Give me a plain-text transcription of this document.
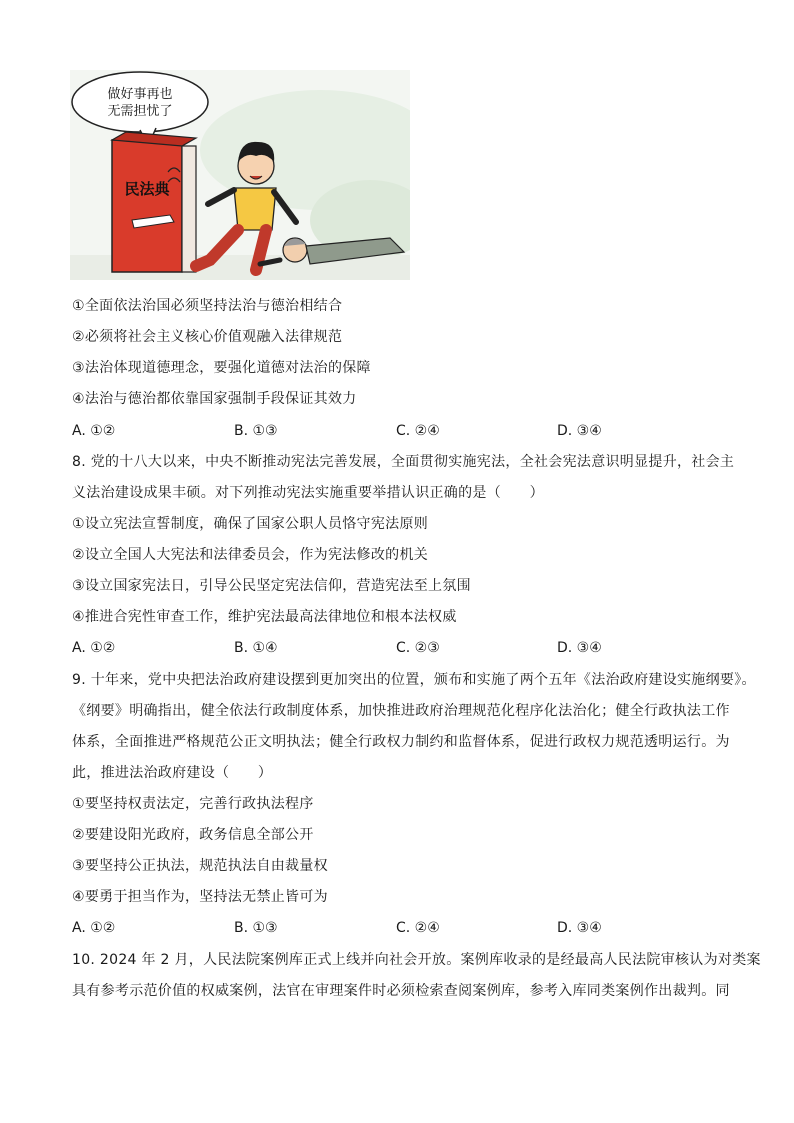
做好事再也
无需担忧了
民法典
①全面依法治国必须坚持法治与德治相结合
②必须将社会主义核心价值观融入法律规范
③法治体现道德理念，要强化道德对法治的保障
④法治与德治都依靠国家强制手段保证其效力
A. ①②	B. ①③	C. ②④	D. ③④
8. 党的十八大以来，中央不断推动宪法完善发展，全面贯彻实施宪法，全社会宪法意识明显提升，社会主
义法治建设成果丰硕。对下列推动宪法实施重要举措认识正确的是（　　）
①设立宪法宣誓制度，确保了国家公职人员恪守宪法原则
②设立全国人大宪法和法律委员会，作为宪法修改的机关
③设立国家宪法日，引导公民坚定宪法信仰，营造宪法至上氛围
④推进合宪性审查工作，维护宪法最高法律地位和根本法权威
A. ①②	B. ①④	C. ②③	D. ③④
9. 十年来，党中央把法治政府建设摆到更加突出的位置，颁布和实施了两个五年《法治政府建设实施纲要》。
《纲要》明确指出，健全依法行政制度体系，加快推进政府治理规范化程序化法治化；健全行政执法工作
体系，全面推进严格规范公正文明执法；健全行政权力制约和监督体系，促进行政权力规范透明运行。为
此，推进法治政府建设（　　）
①要坚持权责法定，完善行政执法程序
②要建设阳光政府，政务信息全部公开
③要坚持公正执法，规范执法自由裁量权
④要勇于担当作为，坚持法无禁止皆可为
A. ①②	B. ①③	C. ②④	D. ③④
10. 2024 年 2 月，人民法院案例库正式上线并向社会开放。案例库收录的是经最高人民法院审核认为对类案
具有参考示范价值的权威案例，法官在审理案件时必须检索查阅案例库，参考入库同类案例作出裁判。同
